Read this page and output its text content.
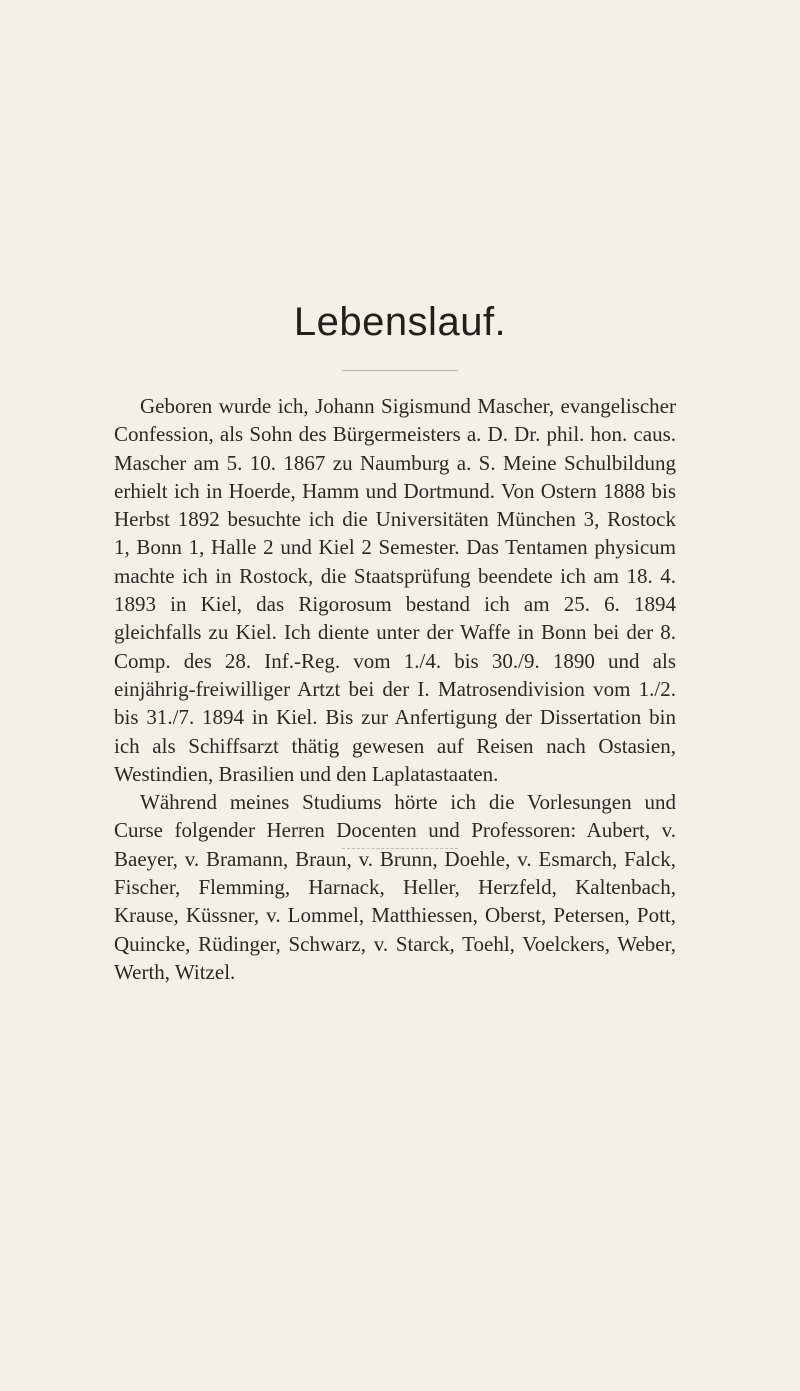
Lebenslauf.

Geboren wurde ich, Johann Sigismund Mascher, evangelischer Confession, als Sohn des Bürgermeisters a. D. Dr. phil. hon. caus. Mascher am 5. 10. 1867 zu Naumburg a. S. Meine Schulbildung erhielt ich in Hoerde, Hamm und Dortmund. Von Ostern 1888 bis Herbst 1892 besuchte ich die Universitäten München 3, Rostock 1, Bonn 1, Halle 2 und Kiel 2 Semester. Das Tentamen physicum machte ich in Rostock, die Staatsprüfung beendete ich am 18. 4. 1893 in Kiel, das Rigorosum bestand ich am 25. 6. 1894 gleichfalls zu Kiel. Ich diente unter der Waffe in Bonn bei der 8. Comp. des 28. Inf.-Reg. vom 1./4. bis 30./9. 1890 und als einjährig-freiwilliger Artzt bei der I. Matrosendivision vom 1./2. bis 31./7. 1894 in Kiel. Bis zur Anfertigung der Dissertation bin ich als Schiffsarzt thätig gewesen auf Reisen nach Ostasien, Westindien, Brasilien und den Laplatastaaten.

Während meines Studiums hörte ich die Vorlesungen und Curse folgender Herren Docenten und Professoren: Aubert, v. Baeyer, v. Bramann, Braun, v. Brunn, Doehle, v. Esmarch, Falck, Fischer, Flemming, Harnack, Heller, Herzfeld, Kaltenbach, Krause, Küssner, v. Lommel, Matthiessen, Oberst, Petersen, Pott, Quincke, Rüdinger, Schwarz, v. Starck, Toehl, Voelckers, Weber, Werth, Witzel.
